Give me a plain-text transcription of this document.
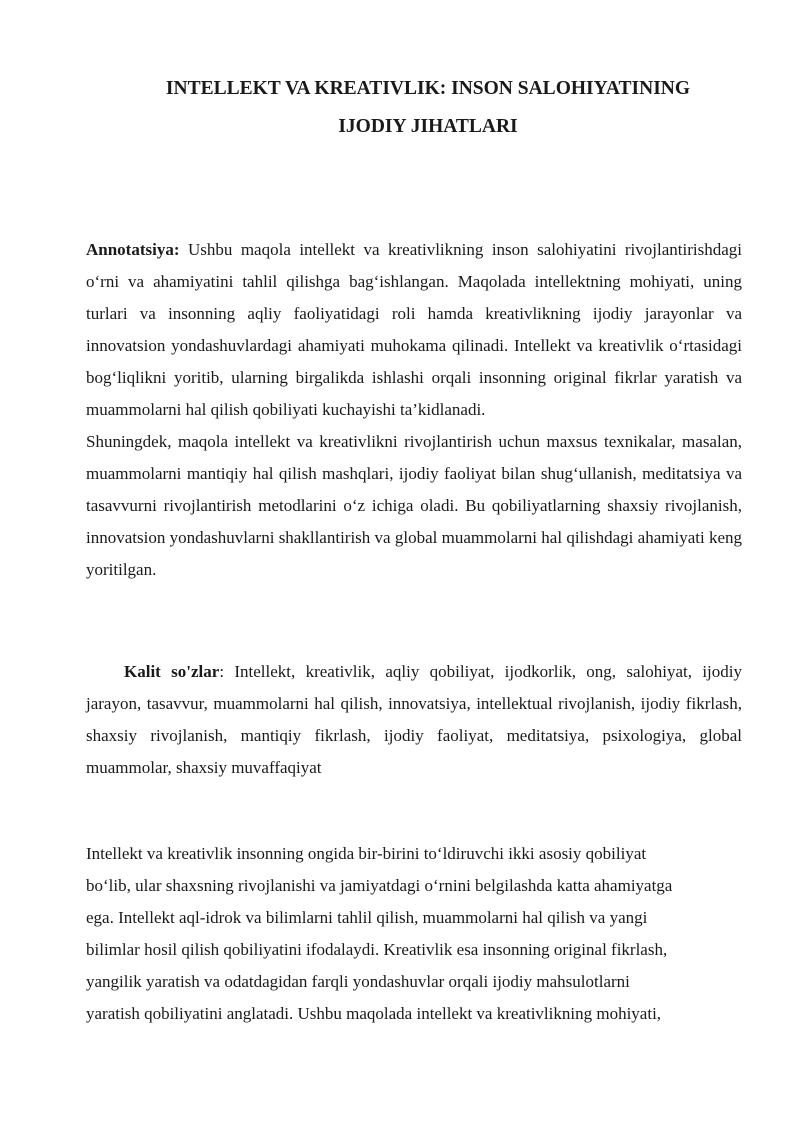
INTELLEKT VA KREATIVLIK: INSON SALOHIYATINING
IJODIY JIHATLARI

Annotatsiya: Ushbu maqola intellekt va kreativlikning inson salohiyatini rivojlantirishdagi o‘rni va ahamiyatini tahlil qilishga bag‘ishlangan. Maqolada intellektning mohiyati, uning turlari va insonning aqliy faoliyatidagi roli hamda kreativlikning ijodiy jarayonlar va innovatsion yondashuvlardagi ahamiyati muhokama qilinadi. Intellekt va kreativlik o‘rtasidagi bog‘liqlikni yoritib, ularning birgalikda ishlashi orqali insonning original fikrlar yaratish va muammolarni hal qilish qobiliyati kuchayishi ta’kidlanadi.

Shuningdek, maqola intellekt va kreativlikni rivojlantirish uchun maxsus texnikalar, masalan, muammolarni mantiqiy hal qilish mashqlari, ijodiy faoliyat bilan shug‘ullanish, meditatsiya va tasavvurni rivojlantirish metodlarini o‘z ichiga oladi. Bu qobiliyatlarning shaxsiy rivojlanish, innovatsion yondashuvlarni shakllantirish va global muammolarni hal qilishdagi ahamiyati keng yoritilgan.

Kalit so'zlar: Intellekt, kreativlik, aqliy qobiliyat, ijodkorlik, ong, salohiyat, ijodiy jarayon, tasavvur, muammolarni hal qilish, innovatsiya, intellektual rivojlanish, ijodiy fikrlash, shaxsiy rivojlanish, mantiqiy fikrlash, ijodiy faoliyat, meditatsiya, psixologiya, global muammolar, shaxsiy muvaffaqiyat

Intellekt va kreativlik insonning ongida bir-birini to‘ldiruvchi ikki asosiy qobiliyat
bo‘lib, ular shaxsning rivojlanishi va jamiyatdagi o‘rnini belgilashda katta ahamiyatga
ega. Intellekt aql-idrok va bilimlarni tahlil qilish, muammolarni hal qilish va yangi
bilimlar hosil qilish qobiliyatini ifodalaydi. Kreativlik esa insonning original fikrlash,
yangilik yaratish va odatdagidan farqli yondashuvlar orqali ijodiy mahsulotlarni
yaratish qobiliyatini anglatadi. Ushbu maqolada intellekt va kreativlikning mohiyati,
